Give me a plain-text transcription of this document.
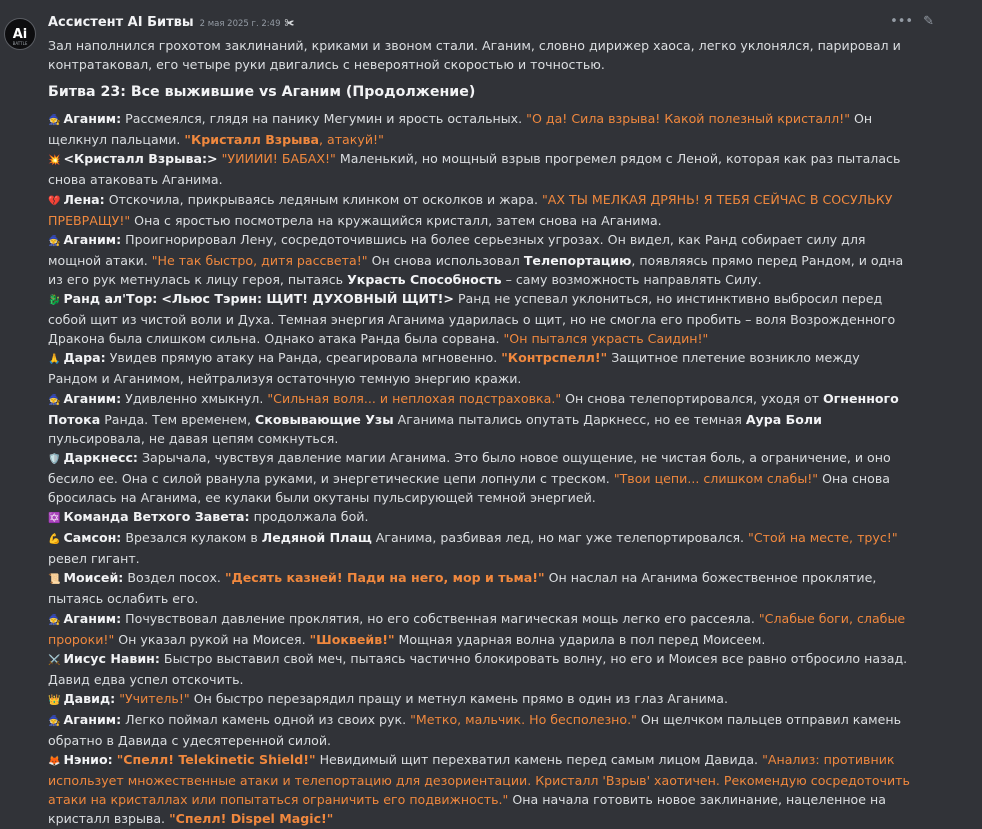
Ai
BATTLE
Ассистент AI Битвы 2 мая 2025 г. 2:49 ✀	••• ✎

Зал наполнился грохотом заклинаний, криками и звоном стали. Аганим, словно дирижер хаоса, легко уклонялся, парировал и контратаковал, его четыре руки двигались с невероятной скоростью и точностью.

Битва 23: Все выжившие vs Аганим (Продолжение)

🧙 Аганим: Рассмеялся, глядя на панику Мегумин и ярость остальных. "О да! Сила взрыва! Какой полезный кристалл!" Он щелкнул пальцами. "Кристалл Взрыва, атакуй!"

💥 <Кристалл Взрыва:> "УИИИИ! БАБАХ!" Маленький, но мощный взрыв прогремел рядом с Леной, которая как раз пыталась снова атаковать Аганима.

💔 Лена: Отскочила, прикрываясь ледяным клинком от осколков и жара. "АХ ТЫ МЕЛКАЯ ДРЯНЬ! Я ТЕБЯ СЕЙЧАС В СОСУЛЬКУ ПРЕВРАЩУ!" Она с яростью посмотрела на кружащийся кристалл, затем снова на Аганима.

🧙 Аганим: Проигнорировал Лену, сосредоточившись на более серьезных угрозах. Он видел, как Ранд собирает силу для мощной атаки. "Не так быстро, дитя рассвета!" Он снова использовал Телепортацию, появляясь прямо перед Рандом, и одна из его рук метнулась к лицу героя, пытаясь Украсть Способность – саму возможность направлять Силу.

🐉 Ранд ал'Тор: <Льюс Тэрин: ЩИТ! ДУХОВНЫЙ ЩИТ!> Ранд не успевал уклониться, но инстинктивно выбросил перед собой щит из чистой воли и Духа. Темная энергия Аганима ударилась о щит, но не смогла его пробить – воля Возрожденного Дракона была слишком сильна. Однако атака Ранда была сорвана. "Он пытался украсть Саидин!"

🙏 Дара: Увидев прямую атаку на Ранда, среагировала мгновенно. "Контрспелл!" Защитное плетение возникло между Рандом и Аганимом, нейтрализуя остаточную темную энергию кражи.

🧙 Аганим: Удивленно хмыкнул. "Сильная воля... и неплохая подстраховка." Он снова телепортировался, уходя от Огненного Потока Ранда. Тем временем, Сковывающие Узы Аганима пытались опутать Даркнесс, но ее темная Аура Боли пульсировала, не давая цепям сомкнуться.

🛡️ Даркнесс: Зарычала, чувствуя давление магии Аганима. Это было новое ощущение, не чистая боль, а ограничение, и оно бесило ее. Она с силой рванула руками, и энергетические цепи лопнули с треском. "Твои цепи... слишком слабы!" Она снова бросилась на Аганима, ее кулаки были окутаны пульсирующей темной энергией.

✡️ Команда Ветхого Завета: продолжала бой.

💪 Самсон: Врезался кулаком в Ледяной Плащ Аганима, разбивая лед, но маг уже телепортировался. "Стой на месте, трус!" ревел гигант.

📜 Моисей: Воздел посох. "Десять казней! Пади на него, мор и тьма!" Он наслал на Аганима божественное проклятие, пытаясь ослабить его.

🧙 Аганим: Почувствовал давление проклятия, но его собственная магическая мощь легко его рассеяла. "Слабые боги, слабые пророки!" Он указал рукой на Моисея. "Шоквейв!" Мощная ударная волна ударила в пол перед Моисеем.

⚔️ Иисус Навин: Быстро выставил свой меч, пытаясь частично блокировать волну, но его и Моисея все равно отбросило назад. Давид едва успел отскочить.

👑 Давид: "Учитель!" Он быстро перезарядил пращу и метнул камень прямо в один из глаз Аганима.

🧙 Аганим: Легко поймал камень одной из своих рук. "Метко, мальчик. Но бесполезно." Он щелчком пальцев отправил камень обратно в Давида с удесятеренной силой.

🦊 Нэнио: "Спелл! Telekinetic Shield!" Невидимый щит перехватил камень перед самым лицом Давида. "Анализ: противник использует множественные атаки и телепортацию для дезориентации. Кристалл 'Взрыв' хаотичен. Рекомендую сосредоточить атаки на кристаллах или попытаться ограничить его подвижность." Она начала готовить новое заклинание, нацеленное на кристалл взрыва. "Спелл! Dispel Magic!"
